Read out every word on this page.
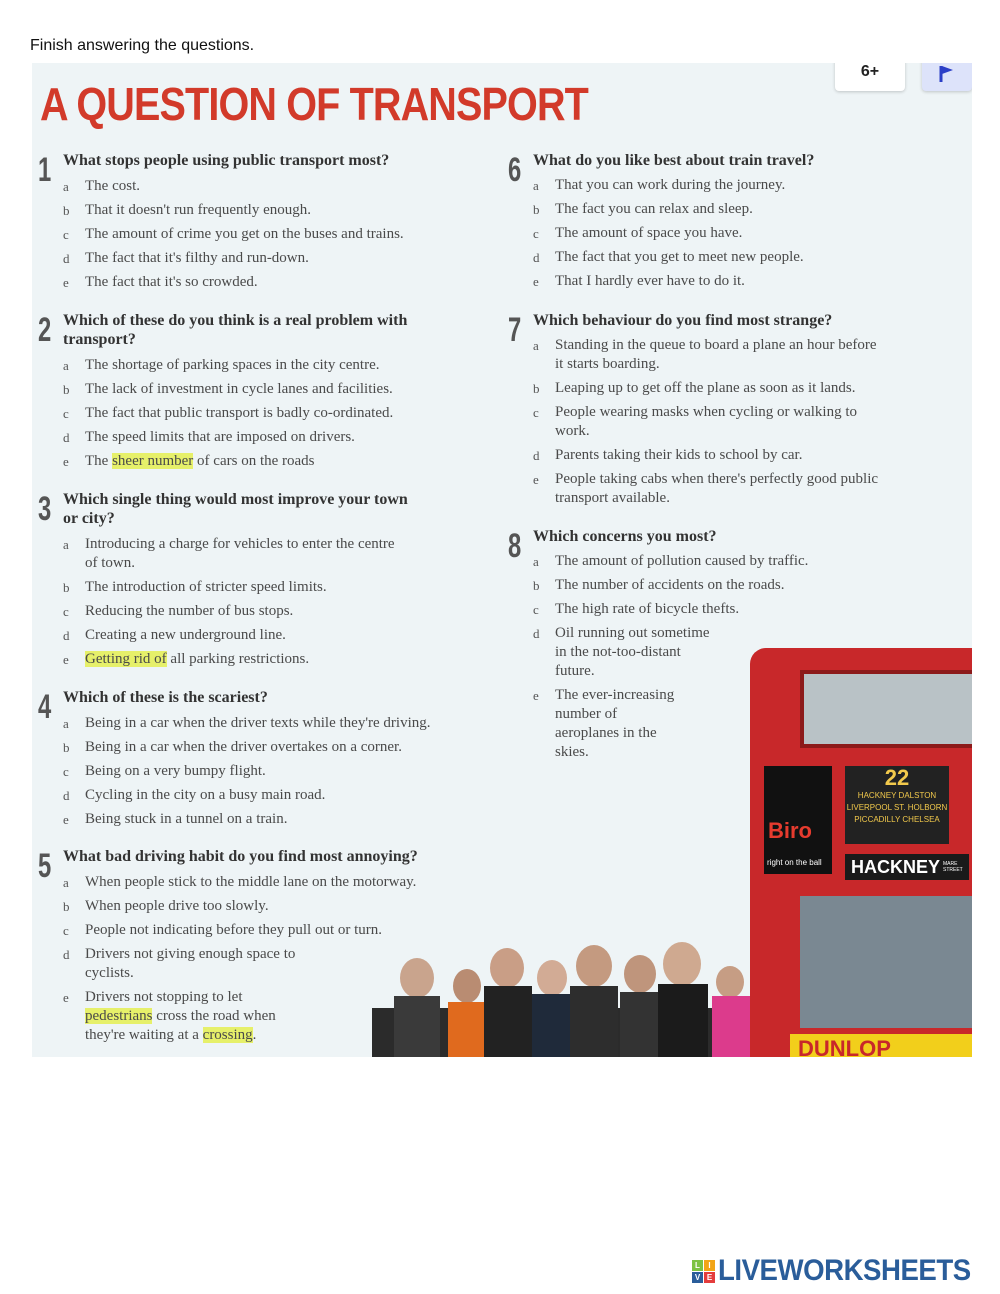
Finish answering the questions.
6+
A QUESTION OF TRANSPORT
1 What stops people using public transport most?
a The cost.
b That it doesn't run frequently enough.
c The amount of crime you get on the buses and trains.
d The fact that it's filthy and run-down.
e The fact that it's so crowded.
2 Which of these do you think is a real problem with
transport?
a The shortage of parking spaces in the city centre.
b The lack of investment in cycle lanes and facilities.
c The fact that public transport is badly co-ordinated.
d The speed limits that are imposed on drivers.
e The sheer number of cars on the roads
3 Which single thing would most improve your town
or city?
a Introducing a charge for vehicles to enter the centre
of town.
b The introduction of stricter speed limits.
c Reducing the number of bus stops.
d Creating a new underground line.
e Getting rid of all parking restrictions.
4 Which of these is the scariest?
a Being in a car when the driver texts while they're driving.
b Being in a car when the driver overtakes on a corner.
c Being on a very bumpy flight.
d Cycling in the city on a busy main road.
e Being stuck in a tunnel on a train.	Biro
right on the ball
22
HACKNEY DALSTON
LIVERPOOL ST. HOLBORN
PICCADILLY CHELSEA
HACKNEY MARE STREET
DUNLOP
5 What bad driving habit do you find most annoying?
a When people stick to the middle lane on the motorway.
b When people drive too slowly.
c People not indicating before they pull out or turn.
d Drivers not giving enough space to
cyclists.
e Drivers not stopping to let
pedestrians cross the road when
they're waiting at a crossing.
6 What do you like best about train travel?
a That you can work during the journey.
b The fact you can relax and sleep.
c The amount of space you have.
d The fact that you get to meet new people.
e That I hardly ever have to do it.
7 Which behaviour do you find most strange?
a Standing in the queue to board a plane an hour before
it starts boarding.
b Leaping up to get off the plane as soon as it lands.
c People wearing masks when cycling or walking to
work.
d Parents taking their kids to school by car.
e People taking cabs when there's perfectly good public
transport available.
8 Which concerns you most?
a The amount of pollution caused by traffic.
b The number of accidents on the roads.
c The high rate of bicycle thefts.
d Oil running out sometime
in the not-too-distant
future.
e The ever-increasing
number of
aeroplanes in the
skies.
L	I
V E LIVEWORKSHEETS
